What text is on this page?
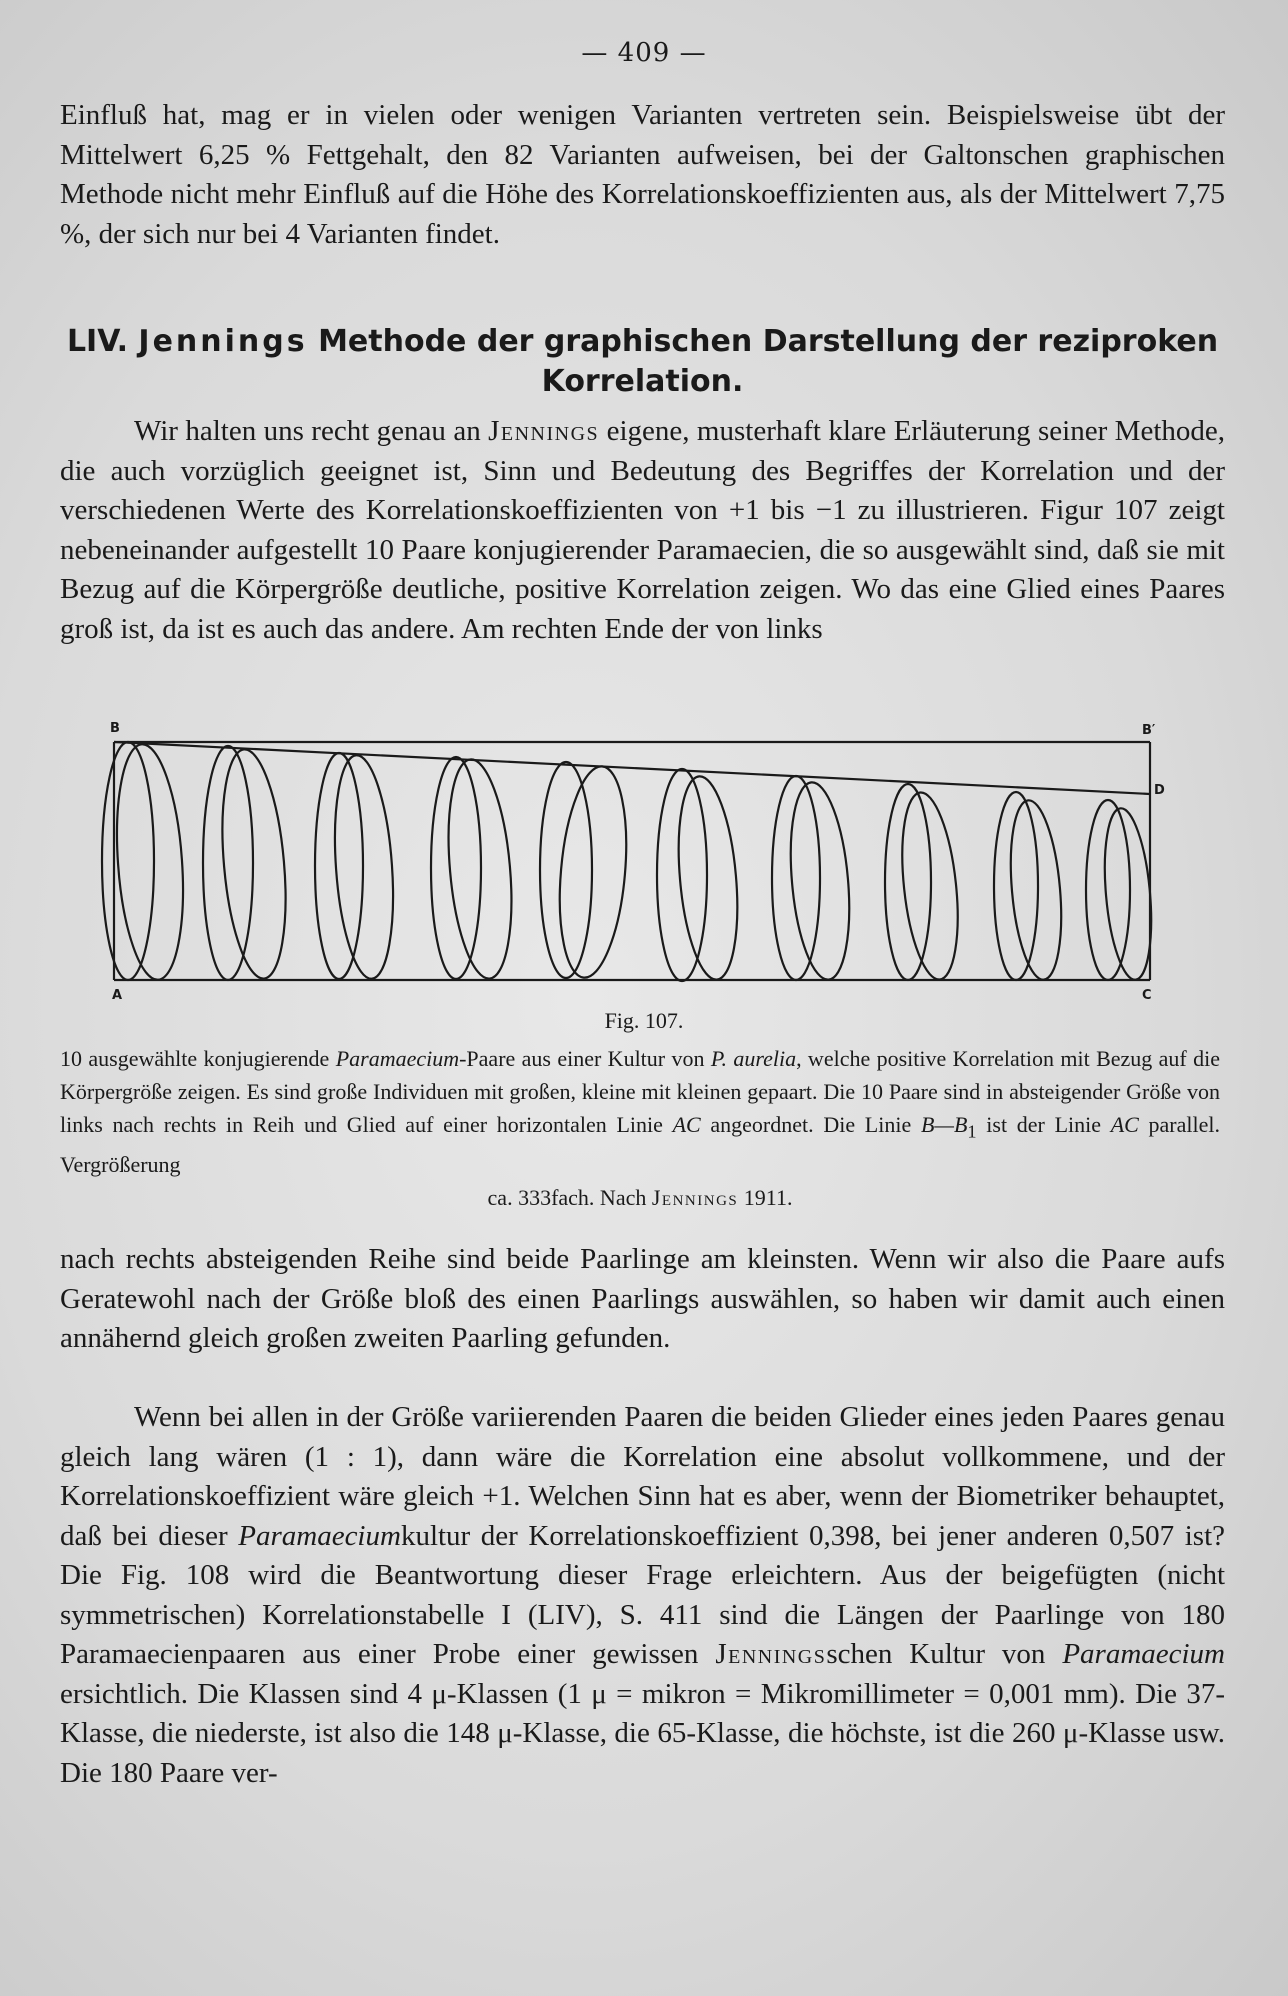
— 409 —

Einfluß hat, mag er in vielen oder wenigen Varianten vertreten sein. Beispielsweise übt der Mittelwert 6,25 % Fettgehalt, den 82 Varianten aufweisen, bei der Galtonschen graphischen Methode nicht mehr Einfluß auf die Höhe des Korrelationskoeffizienten aus, als der Mittelwert 7,75 %, der sich nur bei 4 Varianten findet.

LIV. Jennings Methode der graphischen Darstellung der reziproken Korrelation.

Wir halten uns recht genau an Jennings eigene, musterhaft klare Erläuterung seiner Methode, die auch vorzüglich geeignet ist, Sinn und Bedeutung des Begriffes der Korrelation und der verschiedenen Werte des Korrelationskoeffizienten von +1 bis −1 zu illustrieren. Figur 107 zeigt nebeneinander aufgestellt 10 Paare konjugierender Paramaecien, die so ausgewählt sind, daß sie mit Bezug auf die Körpergröße deutliche, positive Korrelation zeigen. Wo das eine Glied eines Paares groß ist, da ist es auch das andere. Am rechten Ende der von links

B	B′
D
A	C
Fig. 107.
10 ausgewählte konjugierende Paramaecium-Paare aus einer Kultur von P. aurelia, welche positive Korrelation mit Bezug auf die Körpergröße zeigen. Es sind große Individuen mit großen, kleine mit kleinen gepaart. Die 10 Paare sind in absteigender Größe von links nach rechts in Reih und Glied auf einer horizontalen Linie AC angeordnet. Die Linie $B—B_1$ ist der Linie AC parallel. Vergrößerung
ca. 333fach. Nach Jennings 1911.

nach rechts absteigenden Reihe sind beide Paarlinge am kleinsten. Wenn wir also die Paare aufs Geratewohl nach der Größe bloß des einen Paarlings auswählen, so haben wir damit auch einen annähernd gleich großen zweiten Paarling gefunden.

Wenn bei allen in der Größe variierenden Paaren die beiden Glieder eines jeden Paares genau gleich lang wären (1 : 1), dann wäre die Korrelation eine absolut vollkommene, und der Korrelationskoeffizient wäre gleich +1. Welchen Sinn hat es aber, wenn der Biometriker behauptet, daß bei dieser Paramaeciumkultur der Korrelationskoeffizient 0,398, bei jener anderen 0,507 ist? Die Fig. 108 wird die Beantwortung dieser Frage erleichtern. Aus der beigefügten (nicht symmetrischen) Korrelationstabelle I (LIV), S. 411 sind die Längen der Paarlinge von 180 Paramaecienpaaren aus einer Probe einer gewissen Jenningsschen Kultur von Paramaecium ersichtlich. Die Klassen sind 4 μ-Klassen (1 μ = mikron = Mikromillimeter = 0,001 mm). Die 37-Klasse, die niederste, ist also die 148 μ-Klasse, die 65-Klasse, die höchste, ist die 260 μ-Klasse usw. Die 180 Paare ver-
